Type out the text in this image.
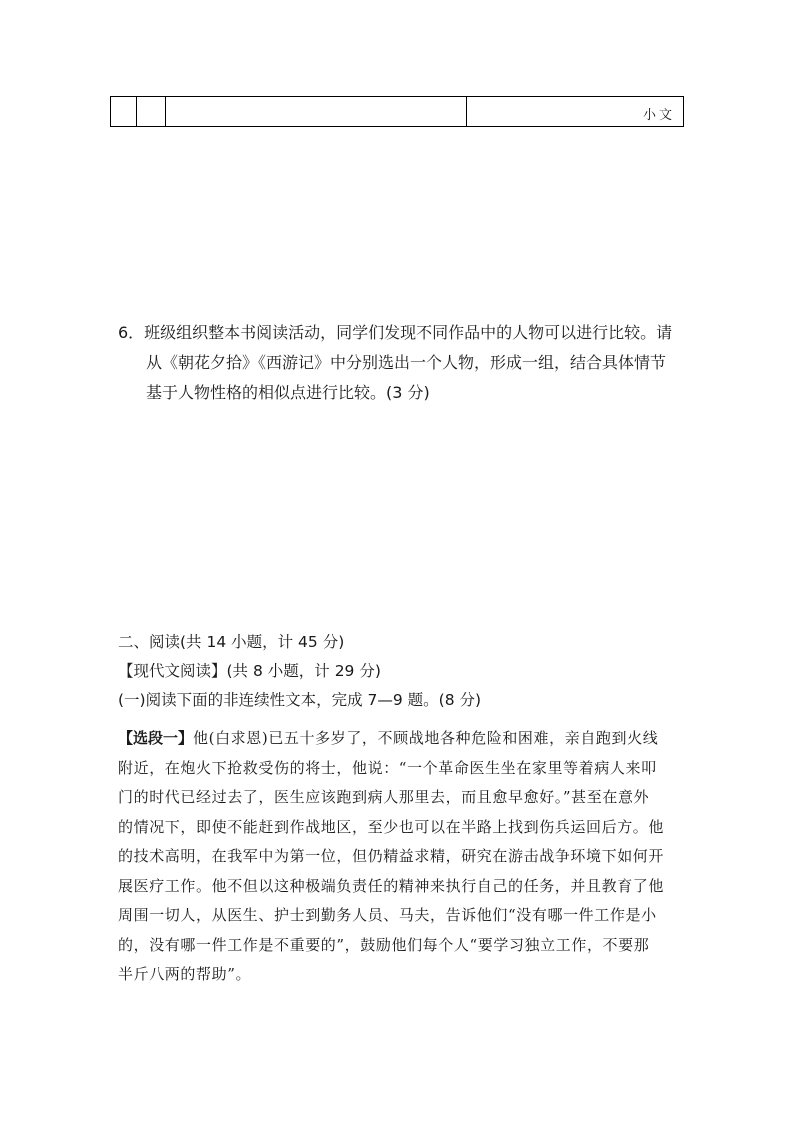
小文
6．班级组织整本书阅读活动，同学们发现不同作品中的人物可以进行比较。请
从《朝花夕拾》《西游记》中分别选出一个人物，形成一组，结合具体情节
基于人物性格的相似点进行比较。(3 分)
二、阅读(共 14 小题，计 45 分)
【现代文阅读】(共 8 小题，计 29 分)
(一)阅读下面的非连续性文本，完成 7—9 题。(8 分)
【选段一】他(白求恩)已五十多岁了，不顾战地各种危险和困难，亲自跑到火线
附近，在炮火下抢救受伤的将士，他说：“一个革命医生坐在家里等着病人来叩
门的时代已经过去了，医生应该跑到病人那里去，而且愈早愈好。”甚至在意外
的情况下，即使不能赶到作战地区，至少也可以在半路上找到伤兵运回后方。他
的技术高明，在我军中为第一位，但仍精益求精，研究在游击战争环境下如何开
展医疗工作。他不但以这种极端负责任的精神来执行自己的任务，并且教育了他
周围一切人，从医生、护士到勤务人员、马夫，告诉他们“没有哪一件工作是小
的，没有哪一件工作是不重要的”，鼓励他们每个人“要学习独立工作，不要那
半斤八两的帮助”。
